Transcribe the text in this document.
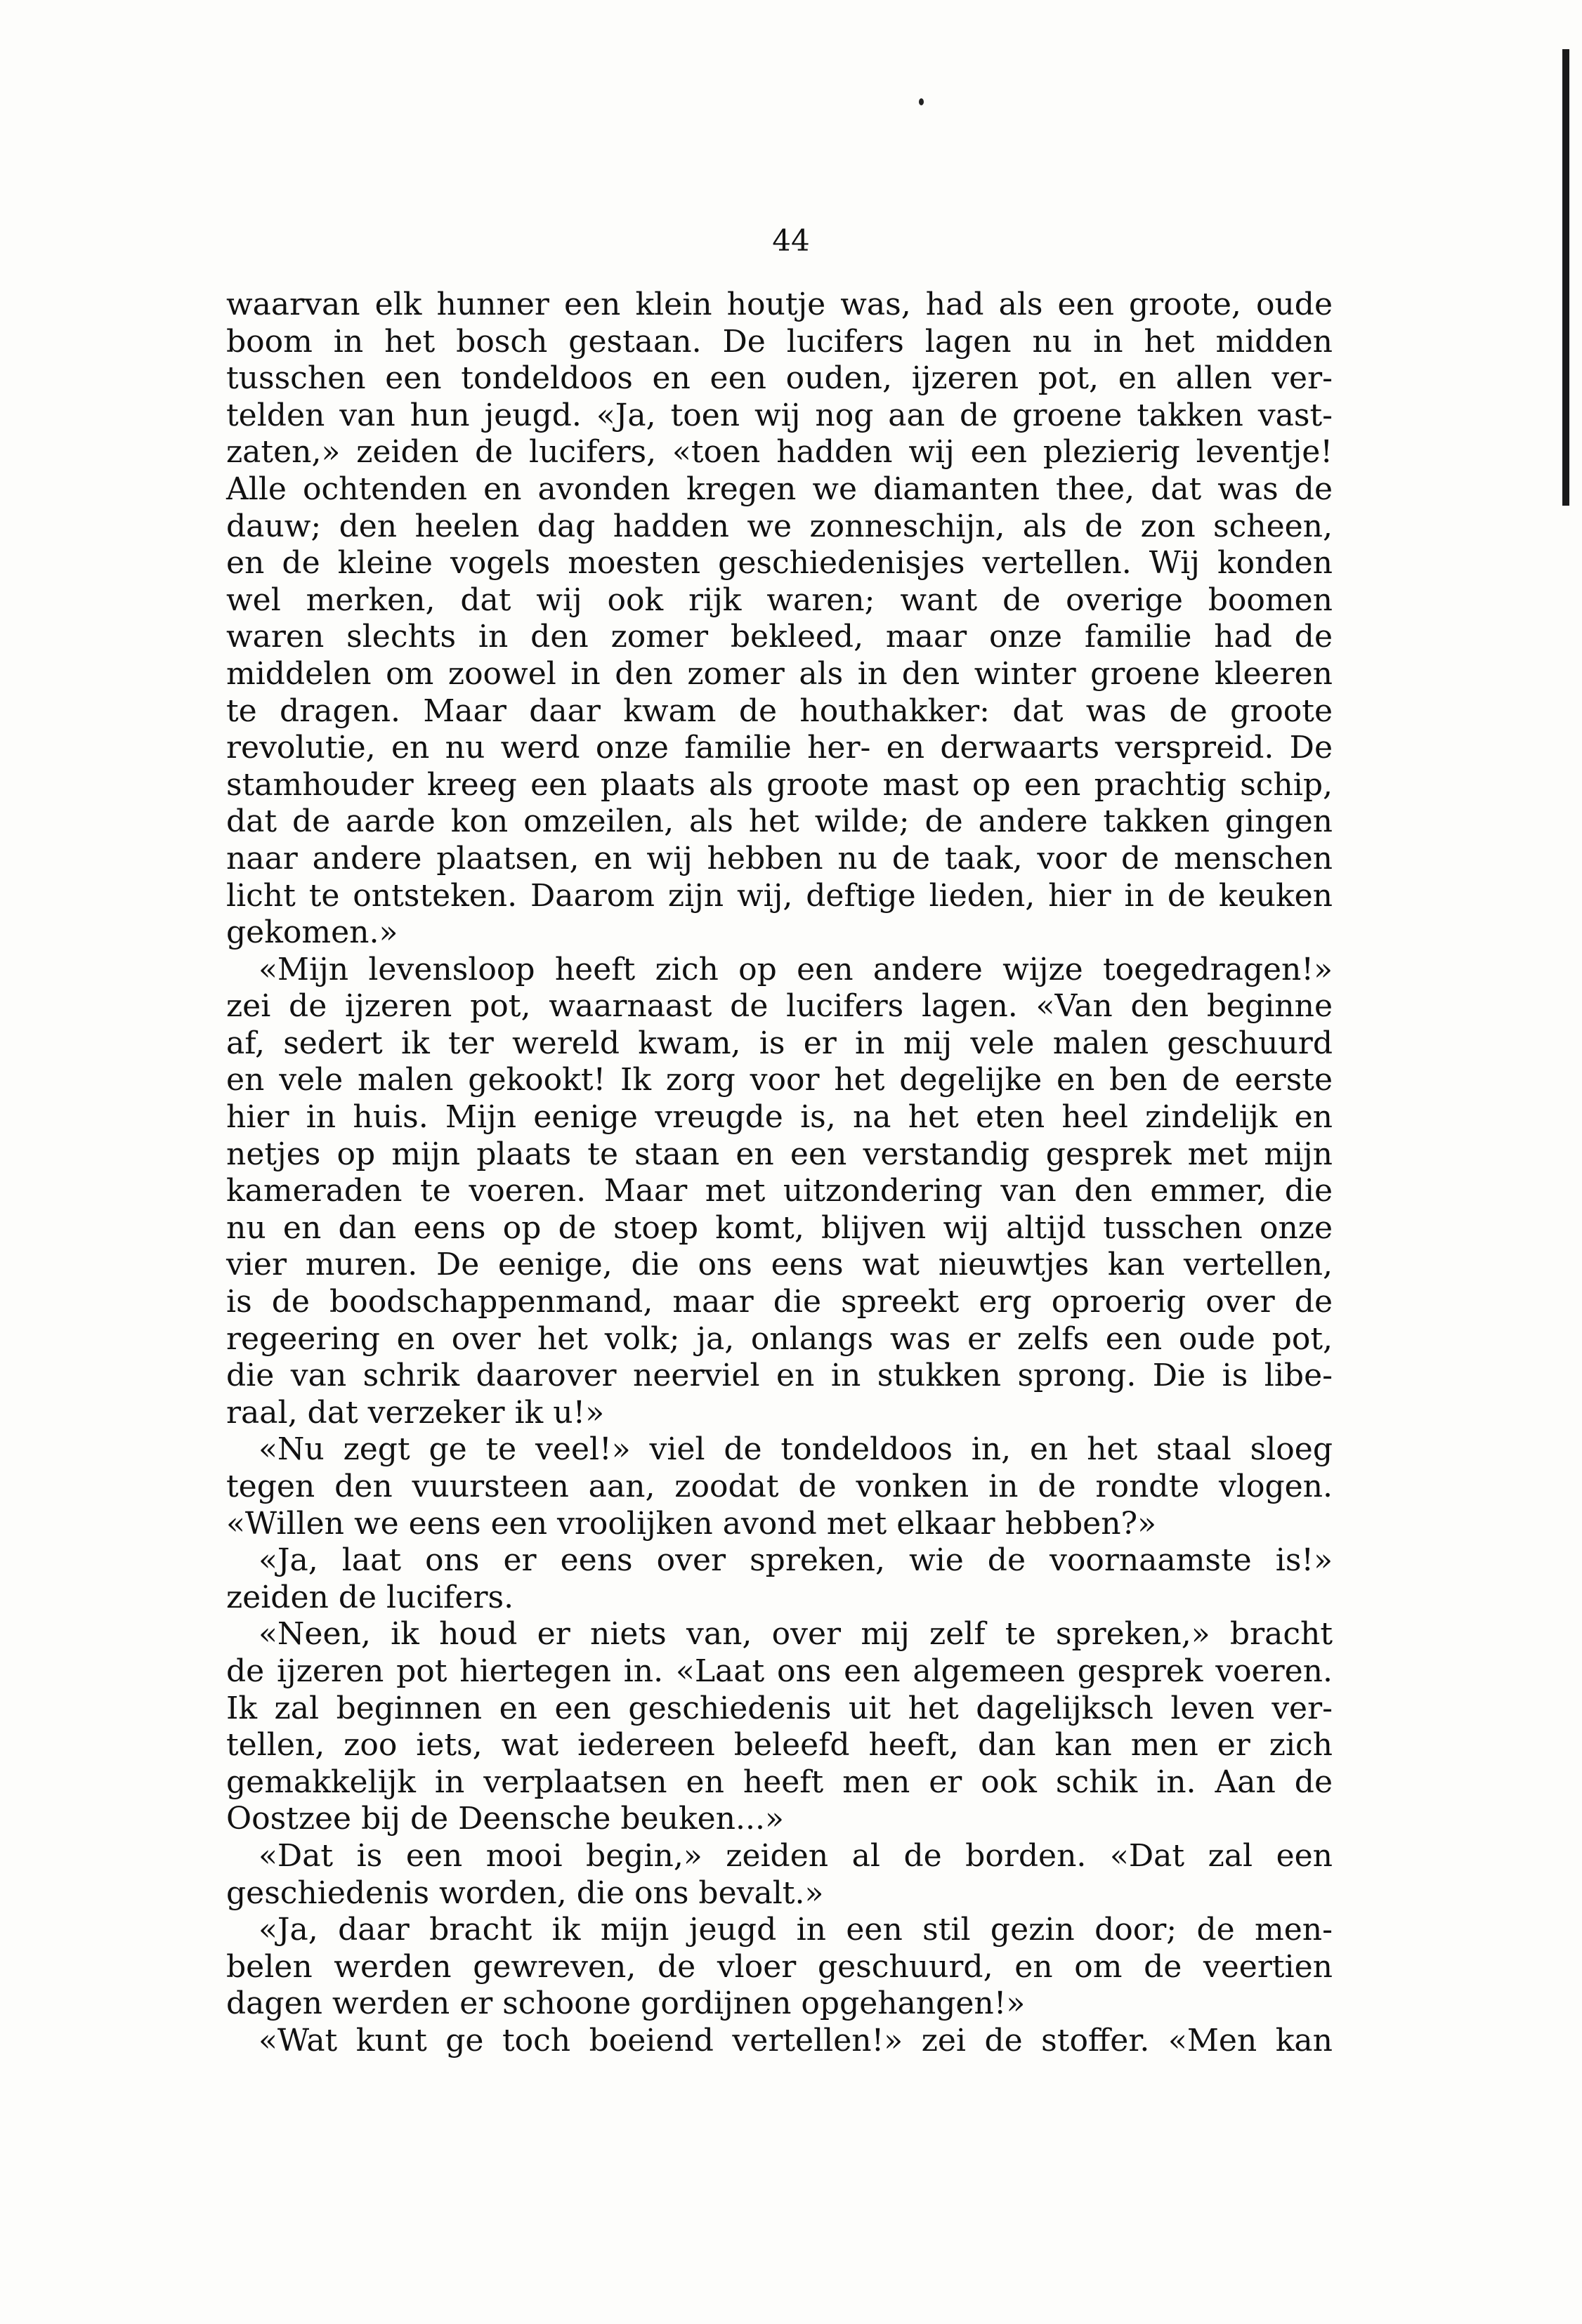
44
waarvan elk hunner een klein houtje was, had als een groote, oude
boom in het bosch gestaan. De lucifers lagen nu in het midden
tusschen een tondeldoos en een ouden, ijzeren pot, en allen ver-
telden van hun jeugd. «Ja, toen wij nog aan de groene takken vast-
zaten,» zeiden de lucifers, «toen hadden wij een plezierig leventje!
Alle ochtenden en avonden kregen we diamanten thee, dat was de
dauw; den heelen dag hadden we zonneschijn, als de zon scheen,
en de kleine vogels moesten geschiedenisjes vertellen. Wij konden
wel merken, dat wij ook rijk waren; want de overige boomen
waren slechts in den zomer bekleed, maar onze familie had de
middelen om zoowel in den zomer als in den winter groene kleeren
te dragen. Maar daar kwam de houthakker: dat was de groote
revolutie, en nu werd onze familie her- en derwaarts verspreid. De
stamhouder kreeg een plaats als groote mast op een prachtig schip,
dat de aarde kon omzeilen, als het wilde; de andere takken gingen
naar andere plaatsen, en wij hebben nu de taak, voor de menschen
licht te ontsteken. Daarom zijn wij, deftige lieden, hier in de keuken
gekomen.»
«Mijn levensloop heeft zich op een andere wijze toegedragen!»
zei de ijzeren pot, waarnaast de lucifers lagen. «Van den beginne
af, sedert ik ter wereld kwam, is er in mij vele malen geschuurd
en vele malen gekookt! Ik zorg voor het degelijke en ben de eerste
hier in huis. Mijn eenige vreugde is, na het eten heel zindelijk en
netjes op mijn plaats te staan en een verstandig gesprek met mijn
kameraden te voeren. Maar met uitzondering van den emmer, die
nu en dan eens op de stoep komt, blijven wij altijd tusschen onze
vier muren. De eenige, die ons eens wat nieuwtjes kan vertellen,
is de boodschappenmand, maar die spreekt erg oproerig over de
regeering en over het volk; ja, onlangs was er zelfs een oude pot,
die van schrik daarover neerviel en in stukken sprong. Die is libe-
raal, dat verzeker ik u!»
«Nu zegt ge te veel!» viel de tondeldoos in, en het staal sloeg
tegen den vuursteen aan, zoodat de vonken in de rondte vlogen.
«Willen we eens een vroolijken avond met elkaar hebben?»
«Ja, laat ons er eens over spreken, wie de voornaamste is!»
zeiden de lucifers.
«Neen, ik houd er niets van, over mij zelf te spreken,» bracht
de ijzeren pot hiertegen in. «Laat ons een algemeen gesprek voeren.
Ik zal beginnen en een geschiedenis uit het dagelijksch leven ver-
tellen, zoo iets, wat iedereen beleefd heeft, dan kan men er zich
gemakkelijk in verplaatsen en heeft men er ook schik in. Aan de
Oostzee bij de Deensche beuken...»
«Dat is een mooi begin,» zeiden al de borden. «Dat zal een
geschiedenis worden, die ons bevalt.»
«Ja, daar bracht ik mijn jeugd in een stil gezin door; de men-
belen werden gewreven, de vloer geschuurd, en om de veertien
dagen werden er schoone gordijnen opgehangen!»
«Wat kunt ge toch boeiend vertellen!» zei de stoffer. «Men kan
